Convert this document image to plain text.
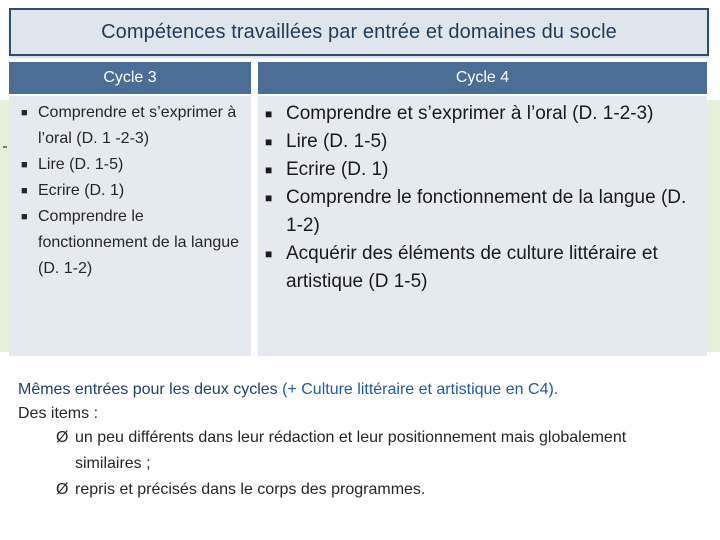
Compétences travaillées par entrée et domaines du socle
Cycle 3	Cycle 4
■ Comprendre et s’exprimer à l’oral (D. 1 -2-3)
■ Lire (D. 1-5)
■ Ecrire (D. 1)
■ Comprendre le fonctionnement de la langue (D. 1-2)
■ Comprendre et s’exprimer à l’oral (D. 1-2-3)
■ Lire (D. 1-5)
■ Ecrire (D. 1)
■ Comprendre le fonctionnement de la langue (D. 1-2)
■ Acquérir des éléments de culture littéraire et artistique (D 1-5)
Mêmes entrées pour les deux cycles (+ Culture littéraire et artistique en C4).
Des items :
Ø un peu différents dans leur rédaction et leur positionnement mais globalement similaires ;
Ø repris et précisés dans le corps des programmes.
